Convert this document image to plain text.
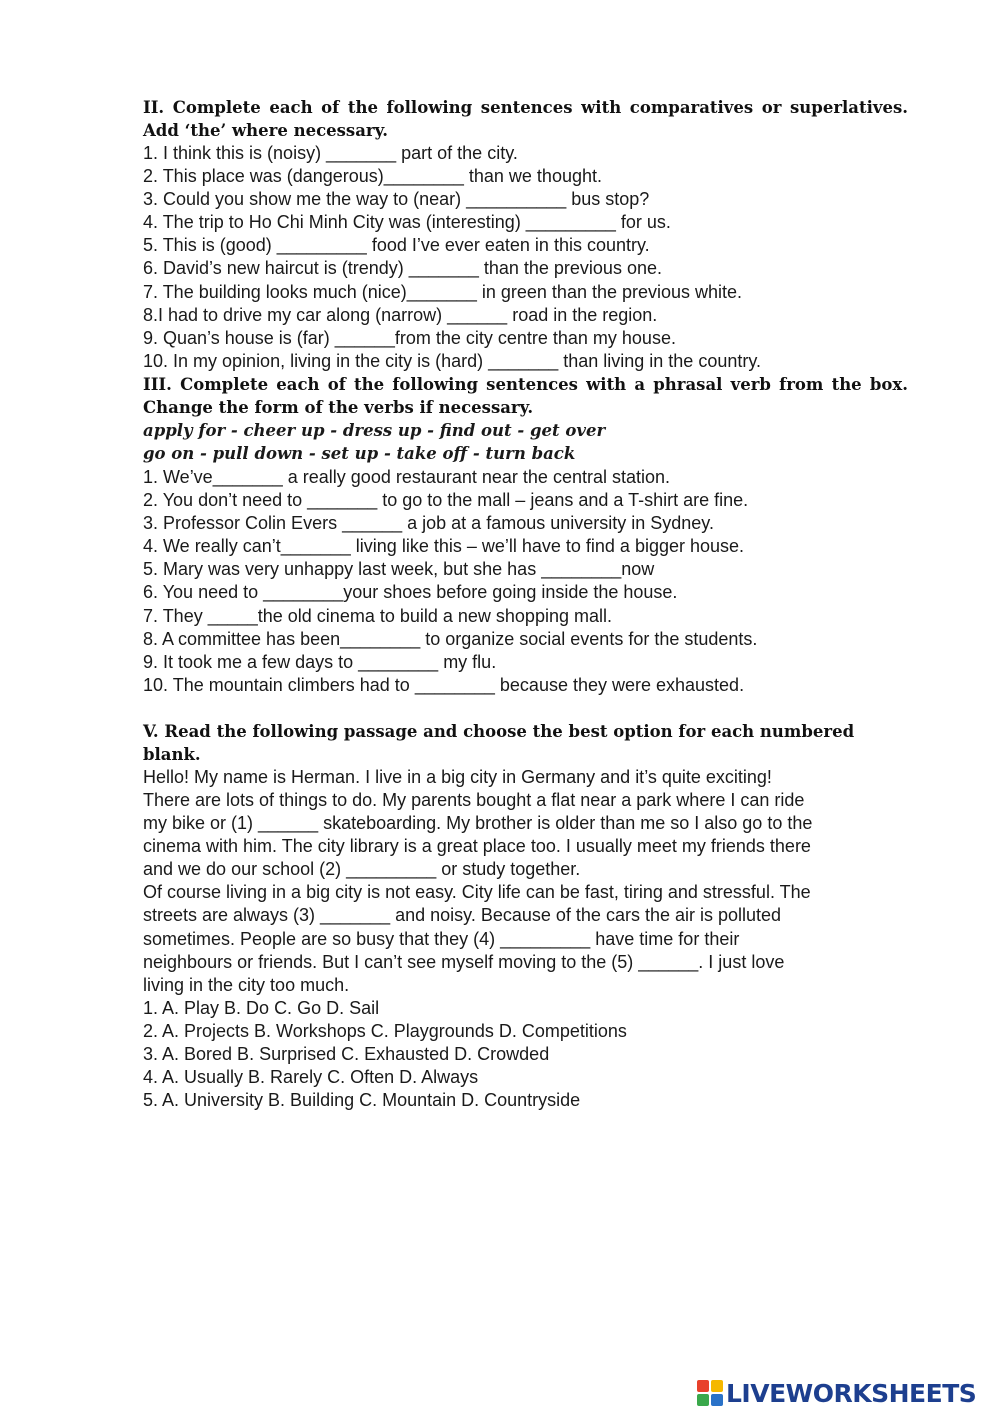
II. Complete each of the following sentences with comparatives or superlatives. Add ‘the’ where necessary.
1. I think this is (noisy) _______ part of the city.
2. This place was (dangerous)________ than we thought.
3. Could you show me the way to (near) __________ bus stop?
4. The trip to Ho Chi Minh City was (interesting) _________ for us.
5. This is (good) _________ food I’ve ever eaten in this country.
6. David’s new haircut is (trendy) _______ than the previous one.
7. The building looks much (nice)_______ in green than the previous white.
8.I had to drive my car along (narrow) ______ road in the region.
9. Quan’s house is (far) ______from the city centre than my house.
10. In my opinion, living in the city is (hard) _______ than living in the country.
III. Complete each of the following sentences with a phrasal verb from the box. Change the form of the verbs if necessary.
apply for - cheer up - dress up - find out - get over
go on - pull down - set up - take off - turn back
1. We’ve_______ a really good restaurant near the central station.
2. You don’t need to _______ to go to the mall – jeans and a T-shirt are fine.
3. Professor Colin Evers ______ a job at a famous university in Sydney.
4. We really can’t_______ living like this – we’ll have to find a bigger house.
5. Mary was very unhappy last week, but she has ________now
6. You need to ________your shoes before going inside the house.
7. They _____the old cinema to build a new shopping mall.
8. A committee has been________ to organize social events for the students.
9. It took me a few days to ________ my flu.
10. The mountain climbers had to ________ because they were exhausted.
V. Read the following passage and choose the best option for each numbered blank.
Hello! My name is Herman. I live in a big city in Germany and it’s quite exciting!
There are lots of things to do. My parents bought a flat near a park where I can ride
my bike or (1) ______ skateboarding. My brother is older than me so I also go to the
cinema with him. The city library is a great place too. I usually meet my friends there
and we do our school (2) _________ or study together.
Of course living in a big city is not easy. City life can be fast, tiring and stressful. The
streets are always (3) _______ and noisy. Because of the cars the air is polluted
sometimes. People are so busy that they (4) _________ have time for their
neighbours or friends. But I can’t see myself moving to the (5) ______. I just love
living in the city too much.
1. A. Play B. Do C. Go D. Sail
2. A. Projects B. Workshops C. Playgrounds D. Competitions
3. A. Bored B. Surprised C. Exhausted D. Crowded
4. A. Usually B. Rarely C. Often D. Always
5. A. University B. Building C. Mountain D. Countryside
LIVEWORKSHEETS
